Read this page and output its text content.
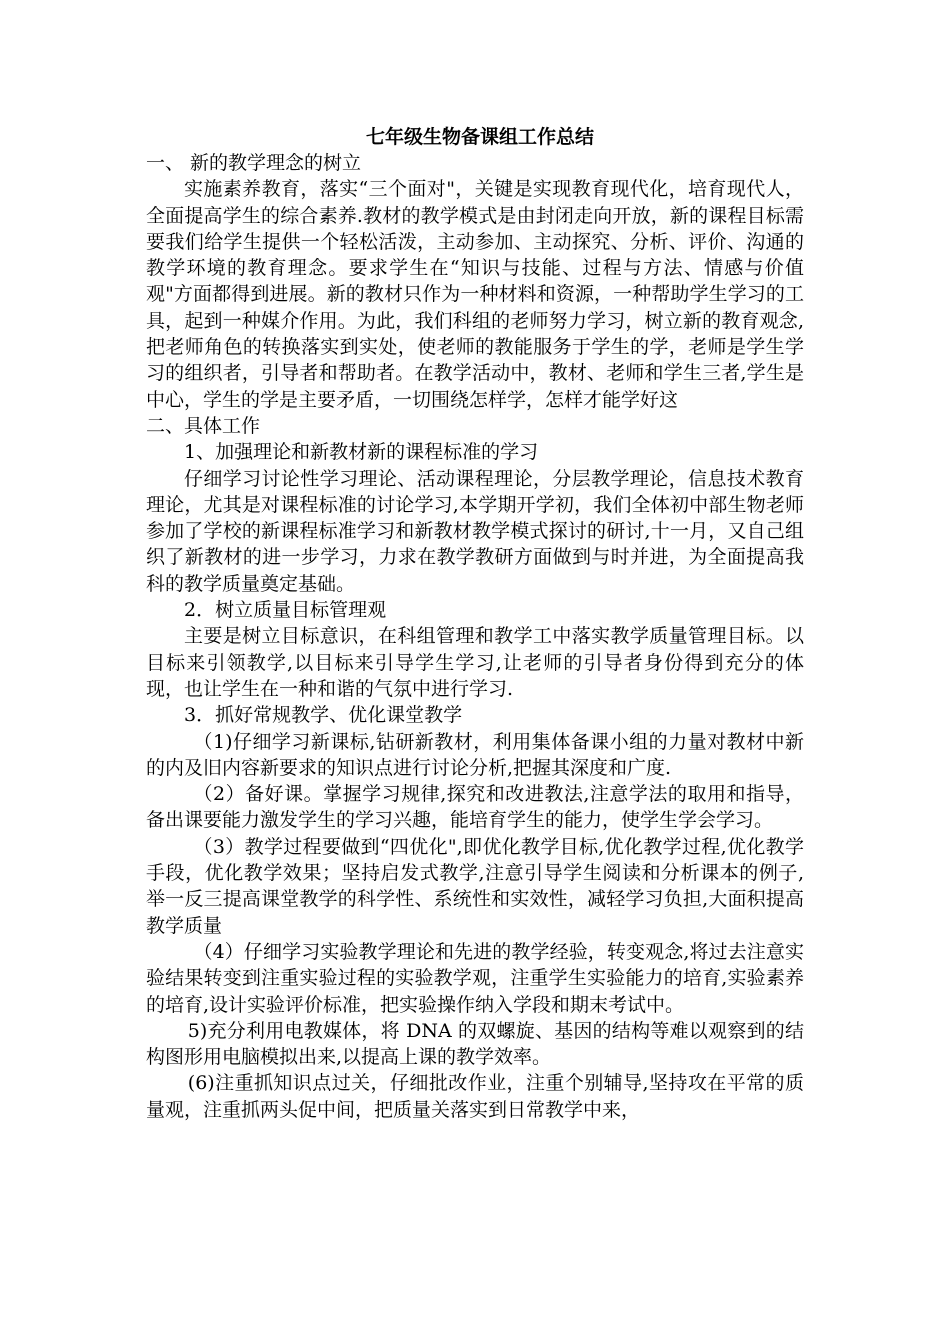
七年级生物备课组工作总结

一、 新的教学理念的树立

实施素养教育，落实“三个面对"，关键是实现教育现代化，培育现代人，全面提高学生的综合素养.教材的教学模式是由封闭走向开放，新的课程目标需要我们给学生提供一个轻松活泼，主动参加、主动探究、分析、评价、沟通的教学环境的教育理念。要求学生在“知识与技能、过程与方法、情感与价值观"方面都得到进展。新的教材只作为一种材料和资源，一种帮助学生学习的工具，起到一种媒介作用。为此，我们科组的老师努力学习，树立新的教育观念,把老师角色的转换落实到实处，使老师的教能服务于学生的学，老师是学生学习的组织者，引导者和帮助者。在教学活动中，教材、老师和学生三者,学生是中心，学生的学是主要矛盾，一切围绕怎样学，怎样才能学好这

二、具体工作

1、加强理论和新教材新的课程标准的学习

仔细学习讨论性学习理论、活动课程理论，分层教学理论，信息技术教育理论，尤其是对课程标准的讨论学习,本学期开学初，我们全体初中部生物老师参加了学校的新课程标准学习和新教材教学模式探讨的研讨,十一月，又自己组织了新教材的进一步学习，力求在教学教研方面做到与时并进，为全面提高我科的教学质量奠定基础。

2．树立质量目标管理观

主要是树立目标意识，在科组管理和教学工中落实教学质量管理目标。以目标来引领教学,以目标来引导学生学习,让老师的引导者身份得到充分的体现，也让学生在一种和谐的气氛中进行学习.

3．抓好常规教学、优化课堂教学

（1)仔细学习新课标,钻研新教材，利用集体备课小组的力量对教材中新的内及旧内容新要求的知识点进行讨论分析,把握其深度和广度.

（2）备好课。掌握学习规律,探究和改进教法,注意学法的取用和指导，备出课要能力激发学生的学习兴趣，能培育学生的能力，使学生学会学习。

（3）教学过程要做到“四优化",即优化教学目标,优化教学过程,优化教学手段，优化教学效果；坚持启发式教学,注意引导学生阅读和分析课本的例子,举一反三提高课堂教学的科学性、系统性和实效性，减轻学习负担,大面积提高教学质量

（4）仔细学习实验教学理论和先进的教学经验，转变观念,将过去注意实验结果转变到注重实验过程的实验教学观，注重学生实验能力的培育,实验素养的培育,设计实验评价标准，把实验操作纳入学段和期末考试中。

5)充分利用电教媒体，将 DNA 的双螺旋、基因的结构等难以观察到的结构图形用电脑模拟出来,以提高上课的教学效率。

(6)注重抓知识点过关，仔细批改作业，注重个别辅导,坚持攻在平常的质量观，注重抓两头促中间，把质量关落实到日常教学中来，
